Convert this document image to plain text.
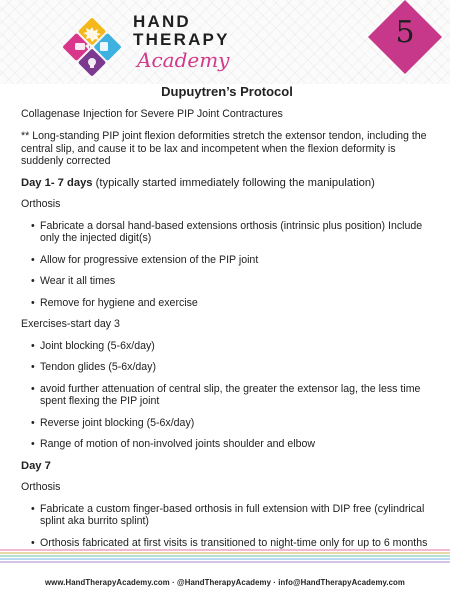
HAND
THERAPY
Academy
5

Dupuytren’s Protocol

Collagenase Injection for Severe PIP Joint Contractures

** Long-standing PIP joint flexion deformities stretch the extensor tendon, including the central slip, and cause it to be lax and incompetent when the flexion deformity is suddenly corrected

Day 1- 7 days (typically started immediately following the manipulation)

Orthosis

• Fabricate a dorsal hand-based extensions orthosis (intrinsic plus position) Include only the injected digit(s)
• Allow for progressive extension of the PIP joint
• Wear it all times
• Remove for hygiene and exercise

Exercises-start day 3

• Joint blocking (5-6x/day)
• Tendon glides (5-6x/day)
• avoid further attenuation of central slip, the greater the extensor lag, the less time spent flexing the PIP joint
• Reverse joint blocking (5-6x/day)
• Range of motion of non-involved joints shoulder and elbow

Day 7

Orthosis

• Fabricate a custom finger-based orthosis in full extension with DIP free (cylindrical splint aka burrito splint)
• Orthosis fabricated at first visits is transitioned to night-time only for up to 6 months
www.HandTherapyAcademy.com · @HandTherapyAcademy · info@HandTherapyAcademy.com
